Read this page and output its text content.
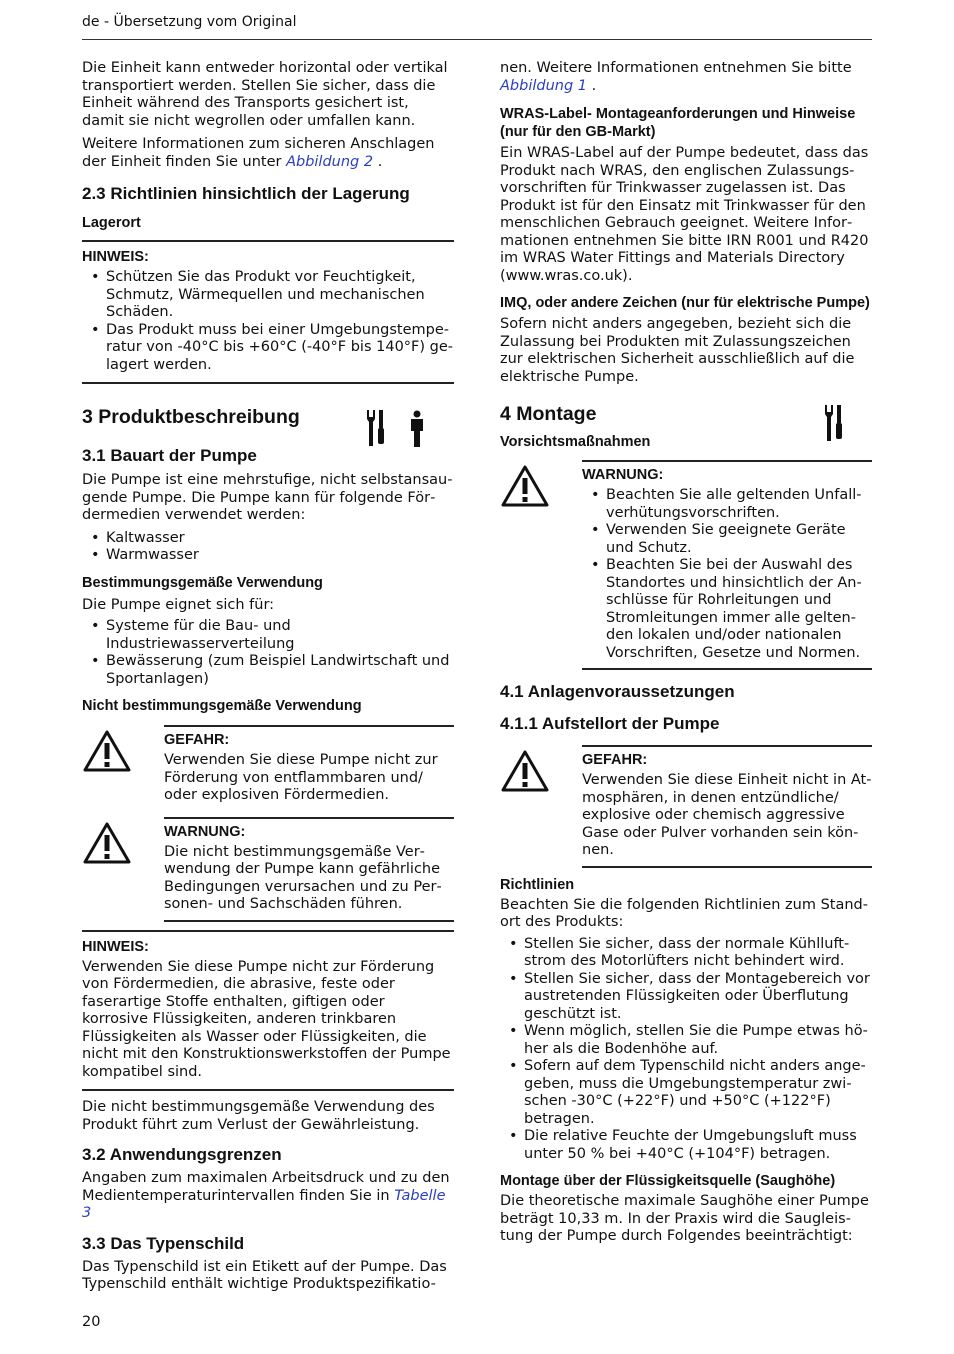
de - Übersetzung vom Original

Die Einheit kann entweder horizontal oder vertikal transportiert werden. Stellen Sie sicher, dass die Einheit während des Transports gesichert ist, damit sie nicht wegrollen oder umfallen kann.

Weitere Informationen zum sicheren Anschlagen der Einheit finden Sie unter Abbildung 2 .

2.3 Richtlinien hinsichtlich der Lagerung
Lagerort
HINWEIS:
• Schützen Sie das Produkt vor Feuchtigkeit, Schmutz, Wärmequellen und mechanischen Schäden.
• Das Produkt muss bei einer Umgebungstemperatur von -40°C bis +60°C (-40°F bis 140°F) gelagert werden.
3 Produktbeschreibung
3.1 Bauart der Pumpe

Die Pumpe ist eine mehrstufige, nicht selbstansaugende Pumpe. Die Pumpe kann für folgende Fördermedien verwendet werden:

• Kaltwasser
• Warmwasser
Bestimmungsgemäße Verwendung

Die Pumpe eignet sich für:

• Systeme für die Bau- und Industriewasserverteilung
• Bewässerung (zum Beispiel Landwirtschaft und Sportanlagen)
Nicht bestimmungsgemäße Verwendung
GEFAHR:

Verwenden Sie diese Pumpe nicht zur Förderung von entflammbaren und/ oder explosiven Fördermedien.

WARNUNG:

Die nicht bestimmungsgemäße Verwendung der Pumpe kann gefährliche Bedingungen verursachen und zu Personen- und Sachschäden führen.

HINWEIS:

Verwenden Sie diese Pumpe nicht zur Förderung von Fördermedien, die abrasive, feste oder faserartige Stoffe enthalten, giftigen oder korrosive Flüssigkeiten, anderen trinkbaren Flüssigkeiten als Wasser oder Flüssigkeiten, die nicht mit den Konstruktionswerkstoffen der Pumpe kompatibel sind.

Die nicht bestimmungsgemäße Verwendung des Produkt führt zum Verlust der Gewährleistung.

3.2 Anwendungsgrenzen

Angaben zum maximalen Arbeitsdruck und zu den Medientemperaturintervallen finden Sie in Tabelle 3

3.3 Das Typenschild

Das Typenschild ist ein Etikett auf der Pumpe. Das Typenschild enthält wichtige Produktspezifikatio-

nen. Weitere Informationen entnehmen Sie bitte Abbildung 1 .

WRAS-Label- Montageanforderungen und Hinweise (nur für den GB-Markt)

Ein WRAS-Label auf der Pumpe bedeutet, dass das Produkt nach WRAS, den englischen Zulassungsvorschriften für Trinkwasser zugelassen ist. Das Produkt ist für den Einsatz mit Trinkwasser für den menschlichen Gebrauch geeignet. Weitere Informationen entnehmen Sie bitte IRN R001 und R420 im WRAS Water Fittings and Materials Directory (www.wras.co.uk).

IMQ, oder andere Zeichen (nur für elektrische Pumpe)

Sofern nicht anders angegeben, bezieht sich die Zulassung bei Produkten mit Zulassungszeichen zur elektrischen Sicherheit ausschließlich auf die elektrische Pumpe.

4 Montage
Vorsichtsmaßnahmen
WARNUNG:
• Beachten Sie alle geltenden Unfallverhütungsvorschriften.
• Verwenden Sie geeignete Geräte und Schutz.
• Beachten Sie bei der Auswahl des Standortes und hinsichtlich der Anschlüsse für Rohrleitungen und Stromleitungen immer alle geltenden lokalen und/oder nationalen Vorschriften, Gesetze und Normen.
4.1 Anlagenvoraussetzungen
4.1.1 Aufstellort der Pumpe
GEFAHR:

Verwenden Sie diese Einheit nicht in Atmosphären, in denen entzündliche/ explosive oder chemisch aggressive Gase oder Pulver vorhanden sein können.

Richtlinien

Beachten Sie die folgenden Richtlinien zum Standort des Produkts:

• Stellen Sie sicher, dass der normale Kühlluftstrom des Motorlüfters nicht behindert wird.
• Stellen Sie sicher, dass der Montagebereich vor austretenden Flüssigkeiten oder Überflutung geschützt ist.
• Wenn möglich, stellen Sie die Pumpe etwas höher als die Bodenhöhe auf.
• Sofern auf dem Typenschild nicht anders angegeben, muss die Umgebungstemperatur zwischen -30°C (+22°F) und +50°C (+122°F) betragen.
• Die relative Feuchte der Umgebungsluft muss unter 50 % bei +40°C (+104°F) betragen.
Montage über der Flüssigkeitsquelle (Saughöhe)

Die theoretische maximale Saughöhe einer Pumpe beträgt 10,33 m. In der Praxis wird die Saugleistung der Pumpe durch Folgendes beeinträchtigt:

20
